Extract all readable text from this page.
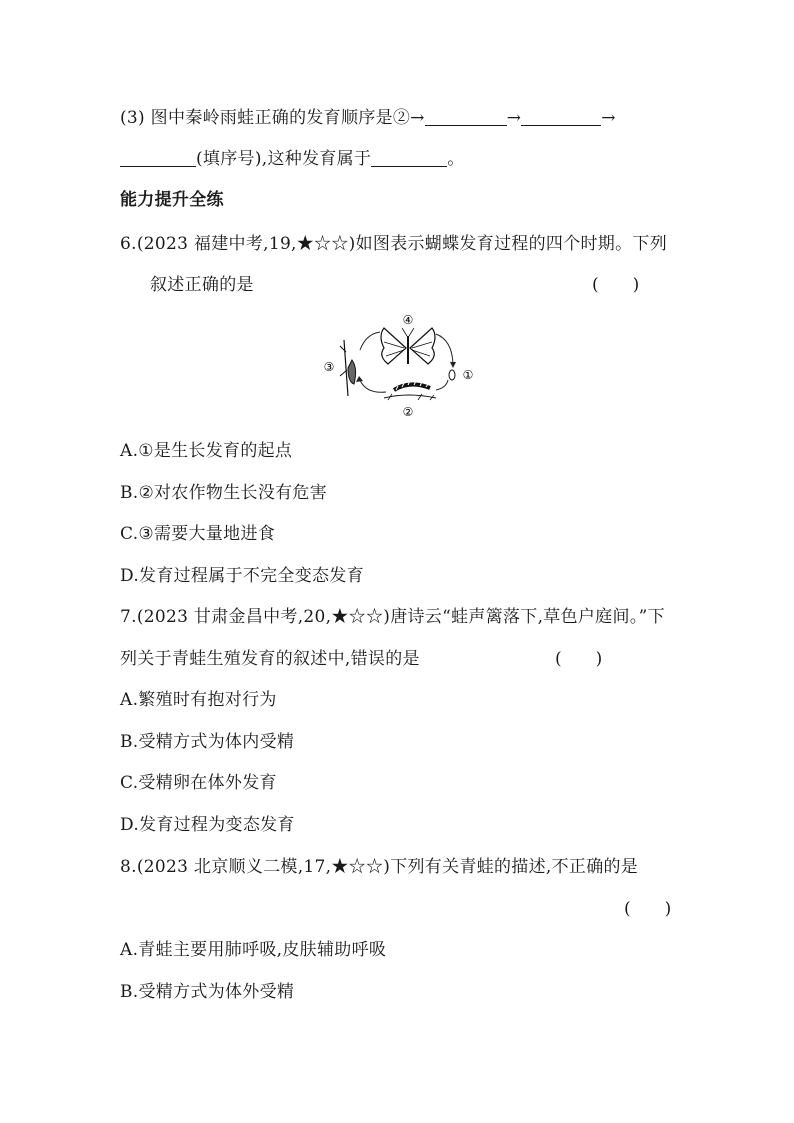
(3) 图中秦岭雨蛙正确的发育顺序是②→	→	→
(填序号),这种发育属于	。
能力提升全练
6.(2023 福建中考,19,★☆☆)如图表示蝴蝶发育过程的四个时期。下列
叙述正确的是	(　　)
④
①
②
③
A.①是生长发育的起点
B.②对农作物生长没有危害
C.③需要大量地进食
D.发育过程属于不完全变态发育
7.(2023 甘肃金昌中考,20,★☆☆)唐诗云“蛙声篱落下,草色户庭间。”下
列关于青蛙生殖发育的叙述中,错误的是	(　　)
A.繁殖时有抱对行为
B.受精方式为体内受精
C.受精卵在体外发育
D.发育过程为变态发育
8.(2023 北京顺义二模,17,★☆☆)下列有关青蛙的描述,不正确的是
(　　)
A.青蛙主要用肺呼吸,皮肤辅助呼吸
B.受精方式为体外受精
